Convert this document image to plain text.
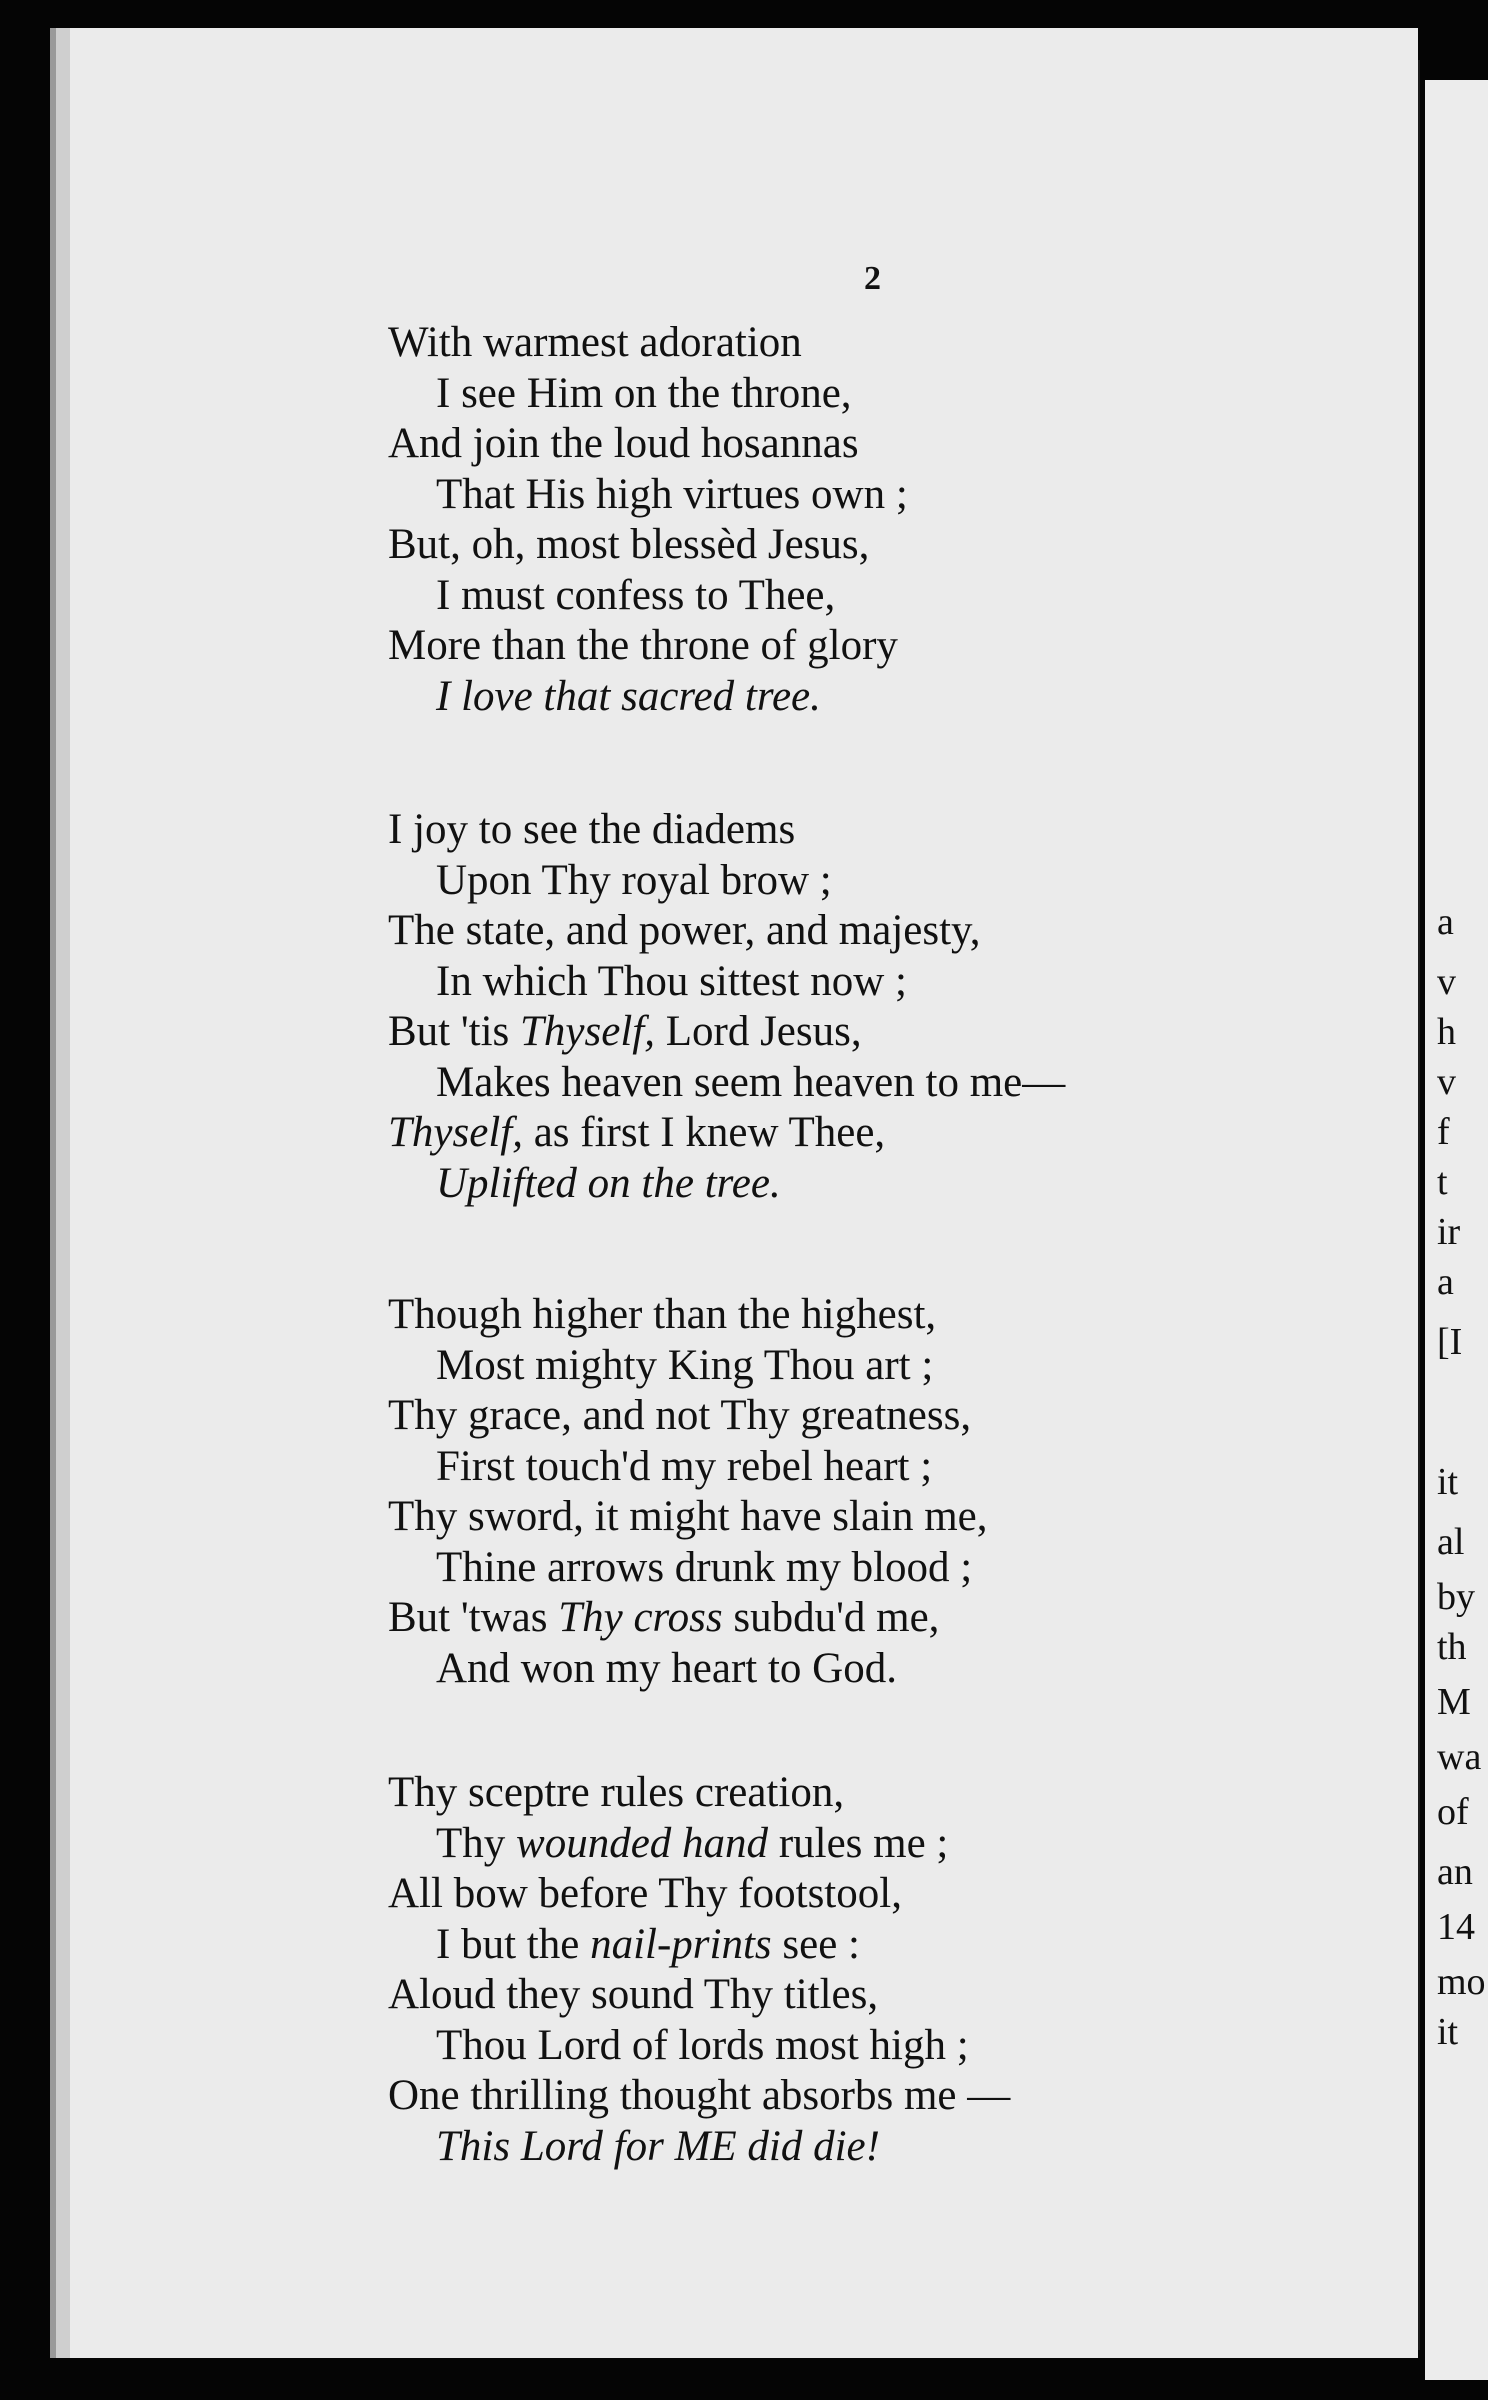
2
With warmest adoration
I see Him on the throne,
And join the loud hosannas
That His high virtues own ;
But, oh, most blessèd Jesus,
I must confess to Thee,
More than the throne of glory
I love that sacred tree.
I joy to see the diadems
Upon Thy royal brow ;
The state, and power, and majesty,
In which Thou sittest now ;
But 'tis Thyself, Lord Jesus,
Makes heaven seem heaven to me—
Thyself, as first I knew Thee,
Uplifted on the tree.
Though higher than the highest,
Most mighty King Thou art ;
Thy grace, and not Thy greatness,
First touch'd my rebel heart ;
Thy sword, it might have slain me,
Thine arrows drunk my blood ;
But 'twas Thy cross subdu'd me,
And won my heart to God.
Thy sceptre rules creation,
Thy wounded hand rules me ;
All bow before Thy footstool,
I but the nail-prints see :
Aloud they sound Thy titles,
Thou Lord of lords most high ;
One thrilling thought absorbs me —
This Lord for ME did die!
a
v
h
v
f
t
ir
a
[I
it
al
by
th
M
wa
of
an
14
mo
it
